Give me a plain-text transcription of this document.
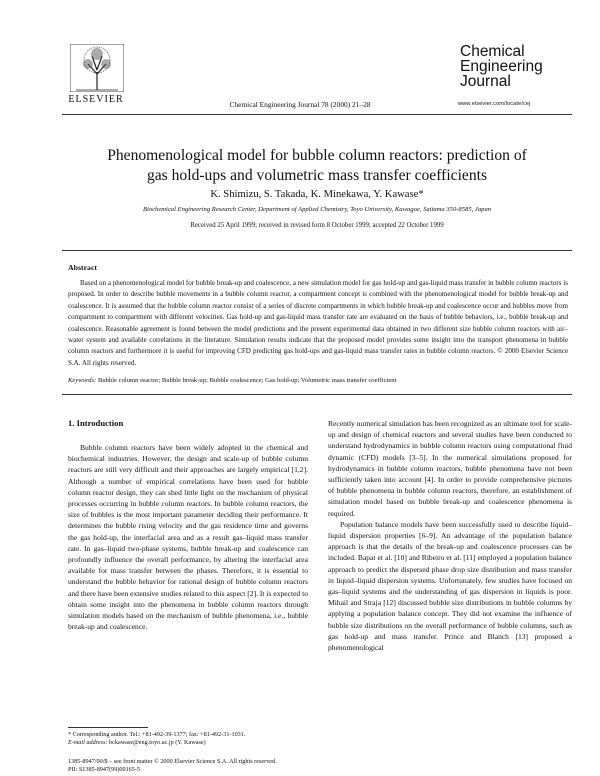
ELSEVIER	Chemical Engineering Journal 78 (2000) 21–28
Chemical
Engineering
Journal
www.elsevier.com/locate/cej
Phenomenological model for bubble column reactors: prediction of
gas hold-ups and volumetric mass transfer coefficients
K. Shimizu, S. Takada, K. Minekawa, Y. Kawase*
Biochemical Engineering Research Center, Department of Applied Chemistry, Toyo University, Kawagoe, Saitama 350-8585, Japan
Received 25 April 1999; received in revised form 8 October 1999; accepted 22 October 1999
Abstract
Based on a phenomenological model for bubble break-up and coalescence, a new simulation model for gas hold-up and gas-liquid mass transfer in bubble column reactors is proposed. In order to describe bubble movements in a bubble column reactor, a compartment concept is combined with the phenomenological model for bubble break-up and coalescence. It is assumed that the bubble column reactor consist of a series of discrete compartments in which bubble break-up and coalescence occur and bubbles move from compartment to compartment with different velocities. Gas hold-up and gas-liquid mass transfer rate are evaluated on the basis of bubble behaviors, i.e., bubble break-up and coalescence. Reasonable agreement is found between the model predictions and the present experimental data obtained in two different size bubble column reactors with air–water system and available correlations in the literature. Simulation results indicate that the proposed model provides some insight into the transport phenomena in bubble column reactors and furthermore it is useful for improving CFD predicting gas hold-ups and gas-liquid mass transfer rates in bubble column reactors. © 2000 Elsevier Science S.A. All rights reserved.
Keywords: Bubble column reactor; Bubble break-up; Bubble coalescence; Gas hold-up; Volumetric mass transfer coefficient
1. Introduction
Bubble column reactors have been widely adopted in the chemical and biochemical industries. However, the design and scale-up of bubble column reactors are still very difficult and their approaches are largely empirical [1,2]. Although a number of empirical correlations have been used for bubble column reactor design, they can shed little light on the mechanism of physical processes occurring in bubble column reactors. In bubble column reactors, the size of bubbles is the most important parameter deciding their performance. It determines the bubble rising velocity and the gas residence time and governs the gas hold-up, the interfacial area and as a result gas–liquid mass transfer rate. In gas–liquid two-phase systems, bubble break-up and coalescence can profoundly influence the overall performance, by altering the interfacial area available for mass transfer between the phases. Therefore, it is essential to understand the bubble behavior for rational design of bubble column reactors and there have been extensive studies related to this aspect [2]. It is expected to obtain some insight into the phenomena in bubble column reactors through simulation models based on the mechanism of bubble phenomena, i.e., bubble break-up and coalescence.

Recently numerical simulation has been recognized as an ultimate tool for scale-up and design of chemical reactors and several studies have been conducted to understand hydrodynamics in bubble column reactors using computational fluid dynamic (CFD) models [3–5]. In the numerical simulations proposed for hydrodynamics in bubble column reactors, bubble phenomena have not been sufficiently taken into account [4]. In order to provide comprehensive pictures of bubble phenomena in bubble column reactors, therefore, an establishment of simulation model based on bubble break-up and coalescence phenomena is required.

Population balance models have been successfully used to describe liquid–liquid dispersion properties [6–9]. An advantage of the population balance approach is that the details of the break-up and coalescence processes can be included. Bapat et al. [10] and Ribeiro et al. [11] employed a population balance approach to predict the dispersed phase drop size distribution and mass transfer in liquid–liquid dispersion systems. Unfortunately, few studies have focused on gas–liquid systems and the understanding of gas dispersion in liquids is poor. Mihail and Straja [12] discussed bubble size distributions in bubble columns by applying a population balance concept. They did not examine the influence of bubble size distributions on the overall performance of bubble columns, such as gas hold-up and mass transfer. Prince and Blanch [13] proposed a phenomenological

* Corresponding author. Tel.: +81-492-39-1377; fax: +81-492-31-1031.
E-mail address: bckawase@eng.toyo.ac.jp (Y. Kawase)
1385-8947/00/$ – see front matter © 2000 Elsevier Science S.A. All rights reserved.
PII: S1385-8947(99)00165-5
